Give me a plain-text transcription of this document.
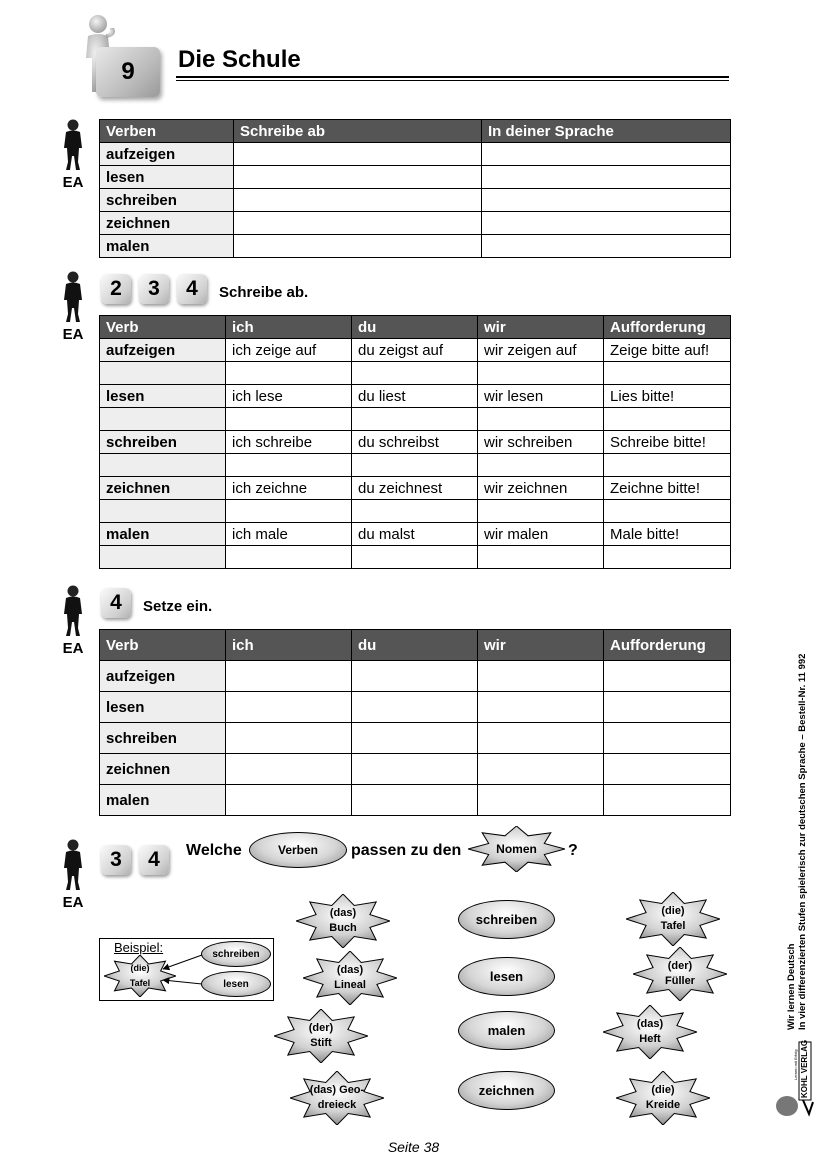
9 Die Schule
EA
EA
EA
EA
Verben	Schreibe ab	In deiner Sprache
aufzeigen		
lesen		
schreiben		
zeichnen		
malen		
2 3 4 Schreibe ab.
Verb	ich	du	wir	Aufforderung
aufzeigen	ich zeige auf	du zeigst auf	wir zeigen auf	Zeige bitte auf!

lesen	ich lese	du liest	wir lesen	Lies bitte!

schreiben	ich schreibe	du schreibst	wir schreiben	Schreibe bitte!

zeichnen	ich zeichne	du zeichnest	wir zeichnen	Zeichne bitte!

malen	ich male	du malst	wir malen	Male bitte!

4 Setze ein.
Verb	ich	du	wir	Aufforderung
aufzeigen				
lesen				
schreiben				
zeichnen				
malen				
3 4 Welche	Verben passen zu den	Nomen
(die)
Tafel
(das)
Buch
(das)
Lineal
(der)
Stift
(das) Geo-
dreieck
(die)
Tafel
(der)
Füller
(das)
Heft
(die)
Kreide
?
Beispiel:	schreiben
lesen
schreiben
lesen
malen
zeichnen
Wir lernen Deutsch In vier differenzierten Stufen spielerisch zur deutschen Sprache – Bestell-Nr. 11 992
KOHL VERLAG
Lernen mit Erfolg
Seite 38
